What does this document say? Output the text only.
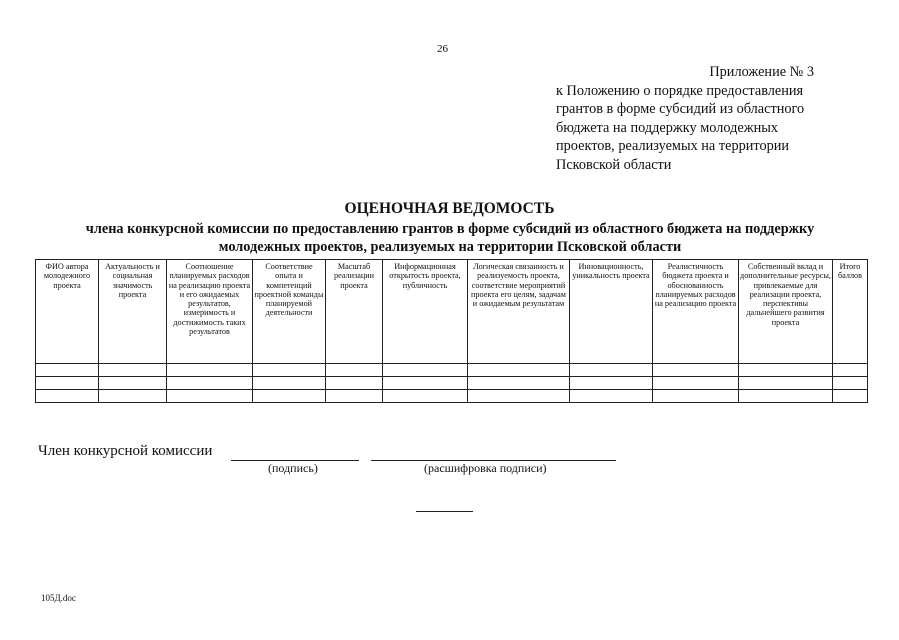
26
Приложение № 3
к Положению о порядке предоставления
грантов в форме субсидий из областного
бюджета на поддержку молодежных
проектов, реализуемых на территории
Псковской области
ОЦЕНОЧНАЯ ВЕДОМОСТЬ
члена конкурсной комиссии по предоставлению грантов в форме субсидий из областного бюджета на поддержку
молодежных проектов, реализуемых на территории Псковской области
ФИО автора молодежного проекта	Актуальность и социальная значимость проекта	Соотношение планируемых расходов на реализацию проекта и его ожидаемых результатов, измеримость и достижимость таких результатов	Соответствие опыта и компетенций проектной команды планируемой деятельности	Масштаб реализации проекта	Информационная открытость проекта, публичность	Логическая связанность и реализуемость проекта, соответствие мероприятий проекта его целям, задачам и ожидаемым результатам	Инновационность, уникальность проекта	Реалистичность бюджета проекта и обоснованность планируемых расходов на реализацию проекта	Собственный вклад и дополнительные ресурсы, привлекаемые для реализации проекта, перспективы дальнейшего развития проекта	Итого баллов

Член конкурсной комиссии
(подпись)	(расшифровка подписи)
105Д.doc
